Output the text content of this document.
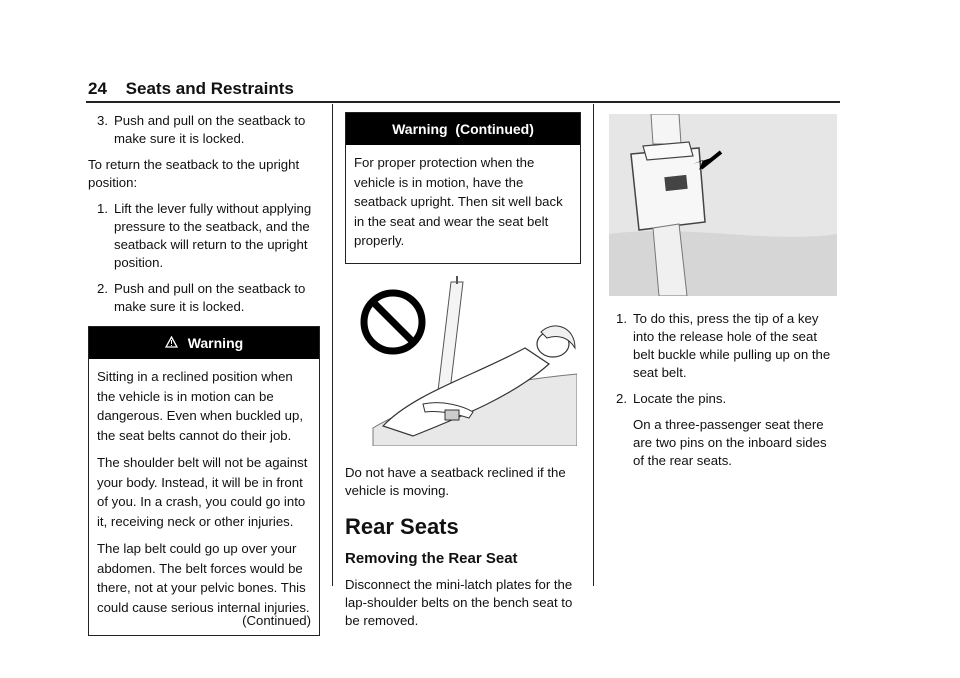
24 Seats and Restraints
3. Push and pull on the seatback to make sure it is locked.

To return the seatback to the upright position:

1. Lift the lever fully without applying pressure to the seatback, and the seatback will return to the upright position.
2. Push and pull on the seatback to make sure it is locked.
Warning

Sitting in a reclined position when the vehicle is in motion can be dangerous. Even when buckled up, the seat belts cannot do their job.

The shoulder belt will not be against your body. Instead, it will be in front of you. In a crash, you could go into it, receiving neck or other injuries.

The lap belt could go up over your abdomen. The belt forces would be there, not at your pelvic bones. This could cause serious internal injuries.

(Continued)
Warning  (Continued)

For proper protection when the vehicle is in motion, have the seatback upright. Then sit well back in the seat and wear the seat belt properly.

Do not have a seatback reclined if the vehicle is moving.

Rear Seats
Removing the Rear Seat

Disconnect the mini-latch plates for the lap-shoulder belts on the bench seat to be removed.

1. To do this, press the tip of a key into the release hole of the seat belt buckle while pulling up on the seat belt.
2. Locate the pins.
On a three-passenger seat there are two pins on the inboard sides of the rear seats.
